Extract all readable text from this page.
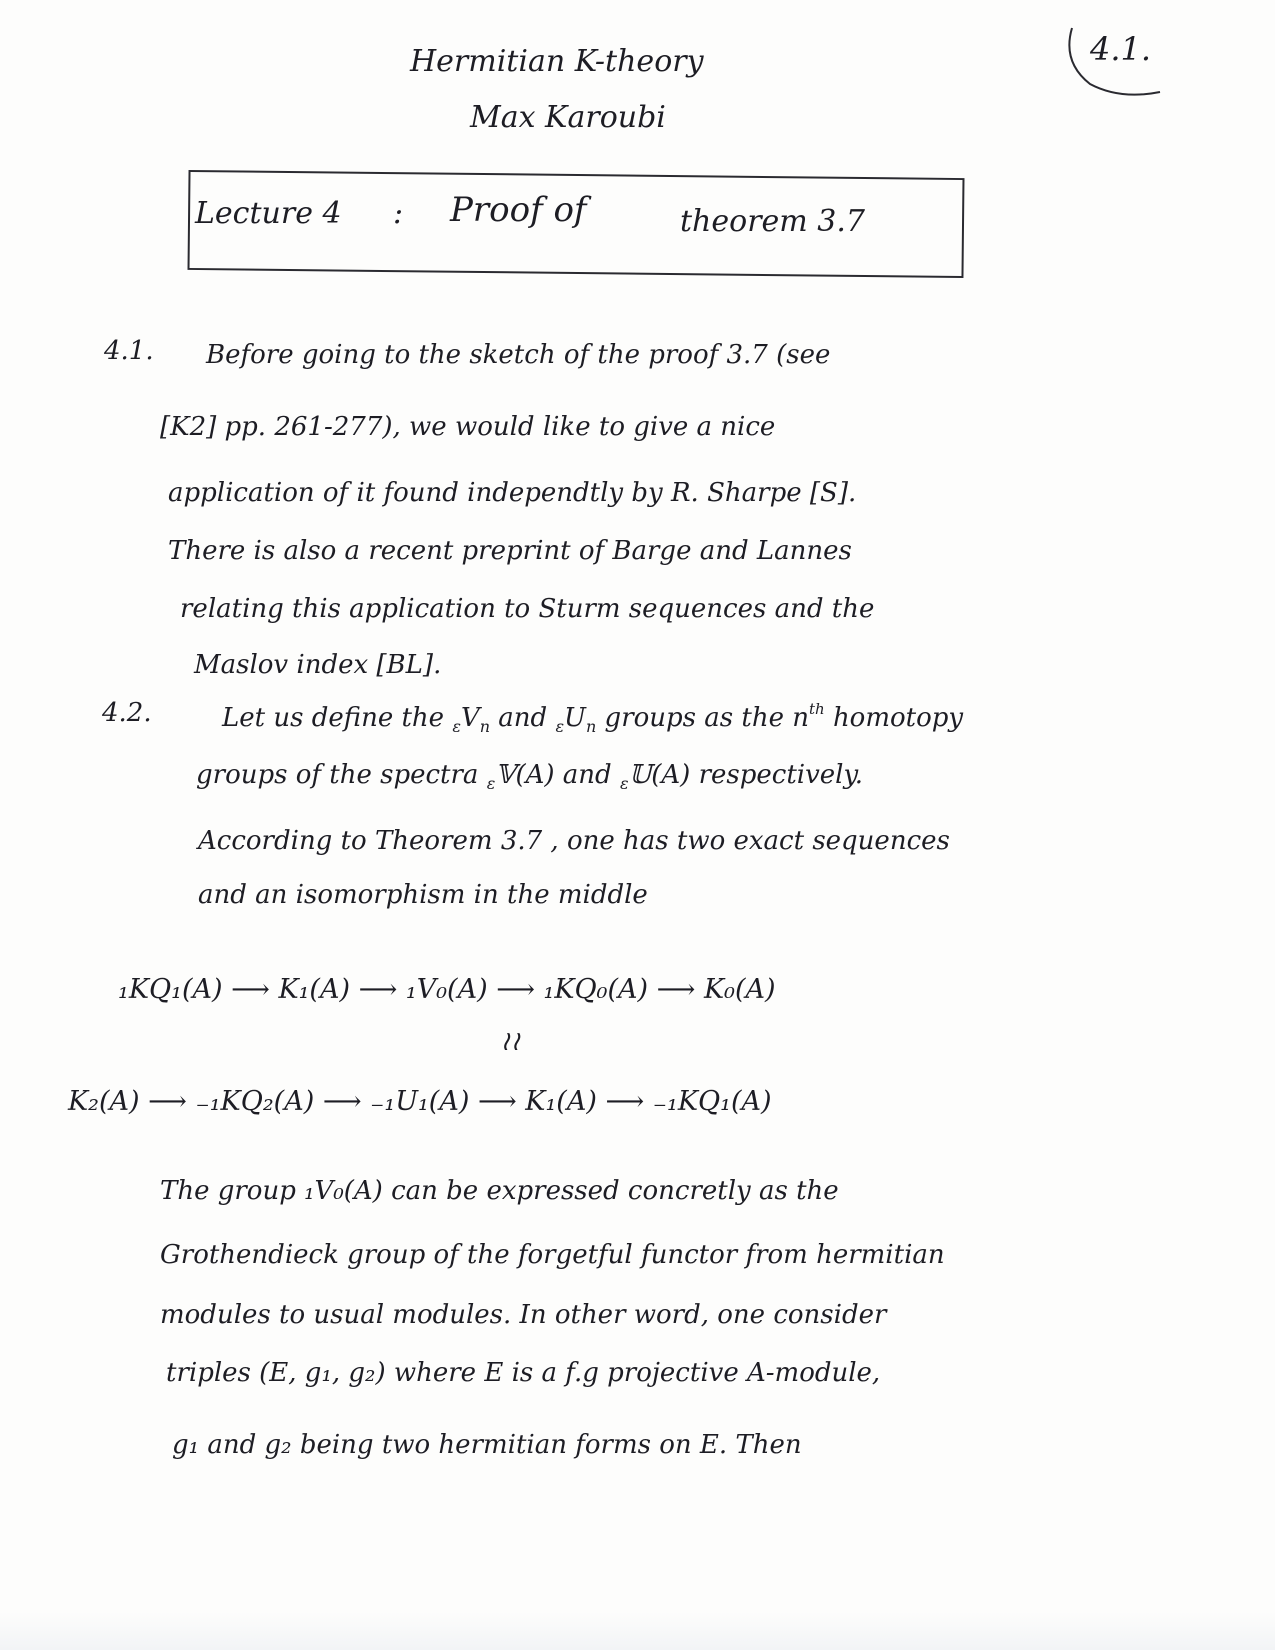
4.1.
Hermitian K-theory
Max Karoubi
Lecture 4 : Proof of	theorem 3.7
4.1. Before going to the sketch of the proof 3.7 (see
[K2] pp. 261-277), we would like to give a nice
application of it found independtly by R. Sharpe [S].
There is also a recent preprint of Barge and Lannes
relating this application to Sturm sequences and the
Maslov index [BL].
4.2.	Let us define the $_\varepsilon V_n$ and $_\varepsilon U_n$ groups as the $n^{th}$ homotopy
groups of the spectra $_\varepsilon$𝕍(A) and $_\varepsilon$𝕌(A) respectively.
According to Theorem 3.7 , one has two exact sequences
and an isomorphism in the middle
₁KQ₁(A) ⟶ K₁(A) ⟶ ₁V₀(A) ⟶ ₁KQ₀(A) ⟶ K₀(A)
≀≀
K₂(A) ⟶ ₋₁KQ₂(A) ⟶ ₋₁U₁(A) ⟶ K₁(A) ⟶ ₋₁KQ₁(A)
The group ₁V₀(A) can be expressed concretly as the
Grothendieck group of the forgetful functor from hermitian
modules to usual modules. In other word, one consider
triples (E, g₁, g₂) where E is a f.g projective A-module,
g₁ and g₂ being two hermitian forms on E. Then
